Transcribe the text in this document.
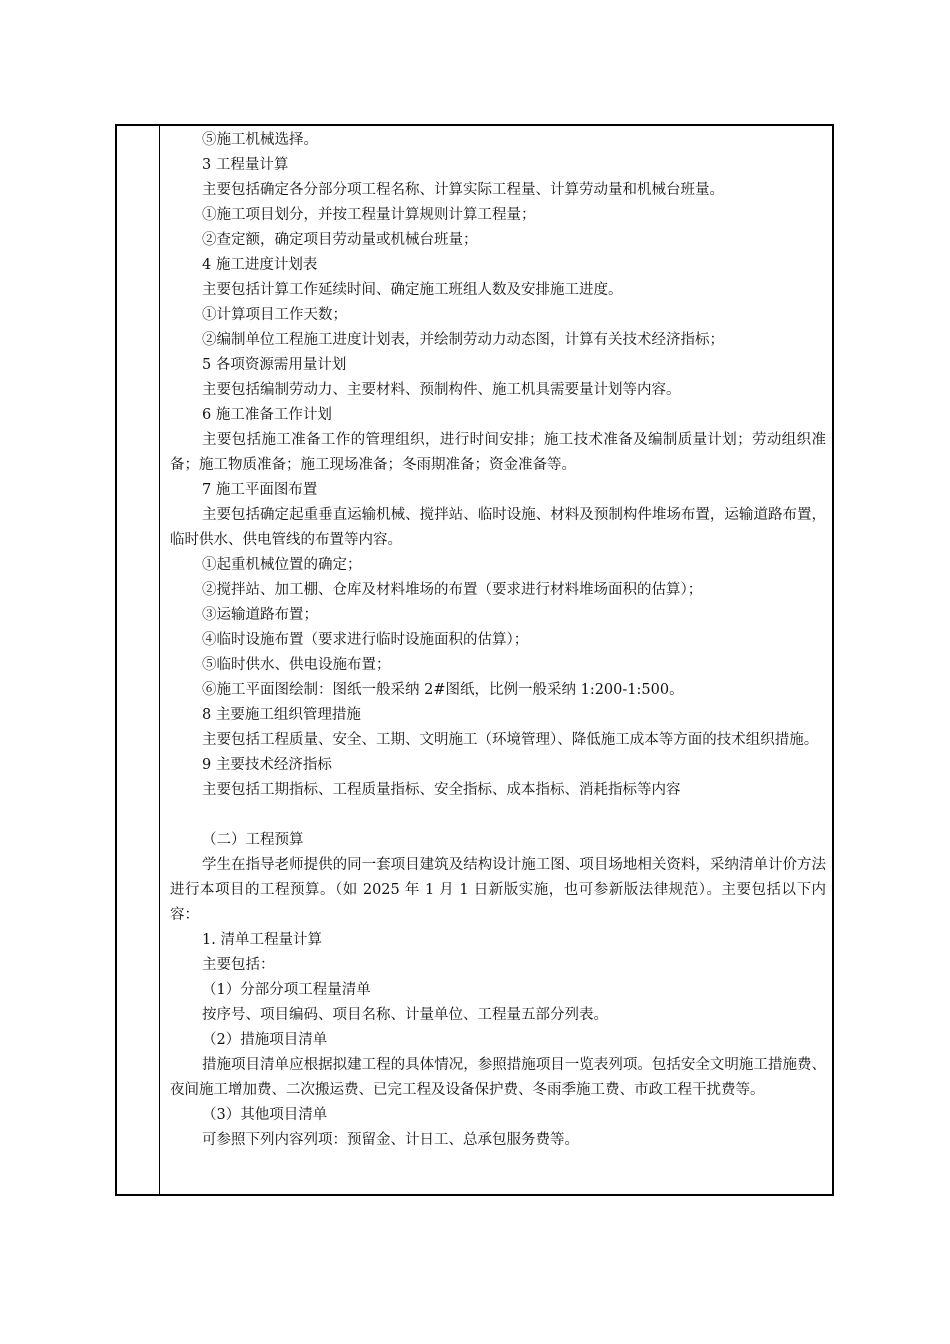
⑤施工机械选择。

3 工程量计算

主要包括确定各分部分项工程名称、计算实际工程量、计算劳动量和机械台班量。

①施工项目划分，并按工程量计算规则计算工程量；

②查定额，确定项目劳动量或机械台班量；

4 施工进度计划表

主要包括计算工作延续时间、确定施工班组人数及安排施工进度。

①计算项目工作天数；

②编制单位工程施工进度计划表，并绘制劳动力动态图，计算有关技术经济指标；

5 各项资源需用量计划

主要包括编制劳动力、主要材料、预制构件、施工机具需要量计划等内容。

6 施工准备工作计划

主要包括施工准备工作的管理组织，进行时间安排；施工技术准备及编制质量计划；劳动组织准备；施工物质准备；施工现场准备；冬雨期准备；资金准备等。

7 施工平面图布置

主要包括确定起重垂直运输机械、搅拌站、临时设施、材料及预制构件堆场布置，运输道路布置，临时供水、供电管线的布置等内容。

①起重机械位置的确定；

②搅拌站、加工棚、仓库及材料堆场的布置（要求进行材料堆场面积的估算）；

③运输道路布置；

④临时设施布置（要求进行临时设施面积的估算）；

⑤临时供水、供电设施布置；

⑥施工平面图绘制：图纸一般采纳 2#图纸，比例一般采纳 1:200-1:500。

8 主要施工组织管理措施

主要包括工程质量、安全、工期、文明施工（环境管理）、降低施工成本等方面的技术组织措施。

9 主要技术经济指标

主要包括工期指标、工程质量指标、安全指标、成本指标、消耗指标等内容

（二）工程预算

学生在指导老师提供的同一套项目建筑及结构设计施工图、项目场地相关资料，采纳清单计价方法进行本项目的工程预算。（如 2025 年 1 月 1 日新版实施，也可参新版法律规范）。主要包括以下内容：

1. 清单工程量计算

主要包括：

（1）分部分项工程量清单

按序号、项目编码、项目名称、计量单位、工程量五部分列表。

（2）措施项目清单

措施项目清单应根据拟建工程的具体情况，参照措施项目一览表列项。包括安全文明施工措施费、夜间施工增加费、二次搬运费、已完工程及设备保护费、冬雨季施工费、市政工程干扰费等。

（3）其他项目清单

可参照下列内容列项：预留金、计日工、总承包服务费等。
